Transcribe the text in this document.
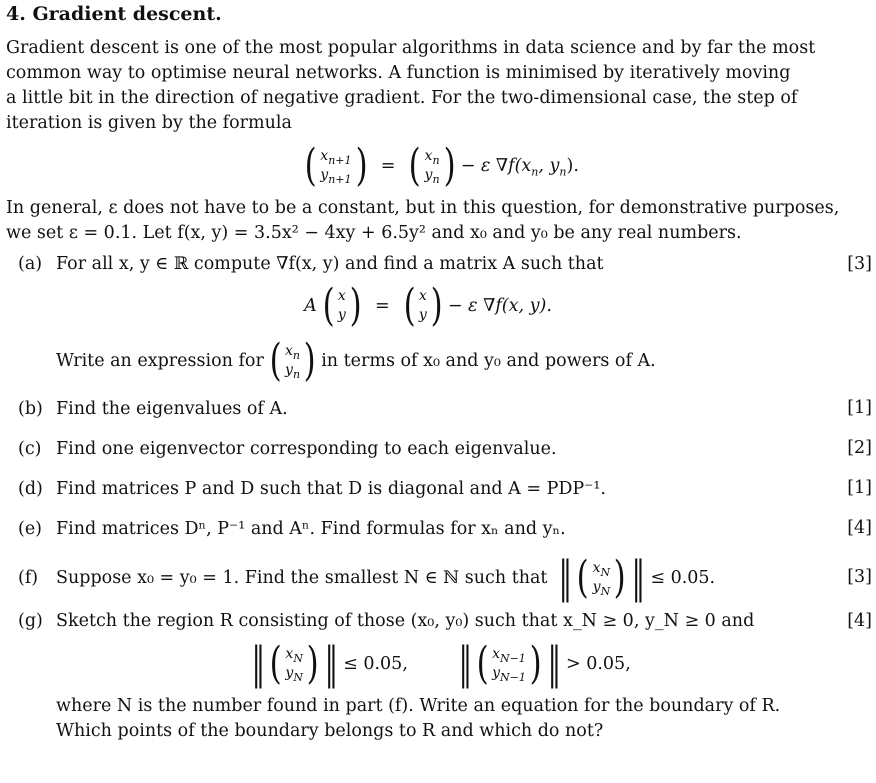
4. Gradient descent.

Gradient descent is one of the most popular algorithms in data science and by far the most

common way to optimise neural networks. A function is minimised by iteratively moving

a little bit in the direction of negative gradient. For the two-dimensional case, the step of

iteration is given by the formula

( $x_{n+1}$
$y_{n+1}$ ) = ( $x_n$
$y_n$ ) − ε $\nabla f(x_n$, $y_n$).

In general, ε does not have to be a constant, but in this question, for demonstrative purposes,

we set ε = 0.1. Let f(x, y) = 3.5x² − 4xy + 6.5y² and x₀ and y₀ be any real numbers.

(a)	[3]
For all x, y ∈ ℝ compute ∇f(x, y) and find a matrix A such that
A ( x
y ) = ( x
y ) − ε ∇f(x, y).
Write an expression for ( $x_n$
$y_n$ ) in terms of x₀ and y₀ and powers of A.
(b) Find the eigenvalues of A.	[1]
(c) Find one eigenvector corresponding to each eigenvalue.	[2]
(d) Find matrices P and D such that D is diagonal and A = PDP⁻¹.	[1]
(e) Find matrices Dⁿ, P⁻¹ and Aⁿ. Find formulas for xₙ and yₙ.	[4]
(f)	Suppose x₀ = y₀ = 1. Find the smallest N ∈ ℕ such that ‖ ( $x_N$
$y_N$ ) ‖ ≤ 0.05.	[3]
(g)	[4]
Sketch the region R consisting of those (x₀, y₀) such that x_N ≥ 0, y_N ≥ 0 and
‖ ( $x_N$
$y_N$ ) ‖ ≤ 0.05, ‖ ( $x_{N-1}$
$y_{N-1}$ ) ‖ > 0.05,
where N is the number found in part (f). Write an equation for the boundary of R.
Which points of the boundary belongs to R and which do not?
